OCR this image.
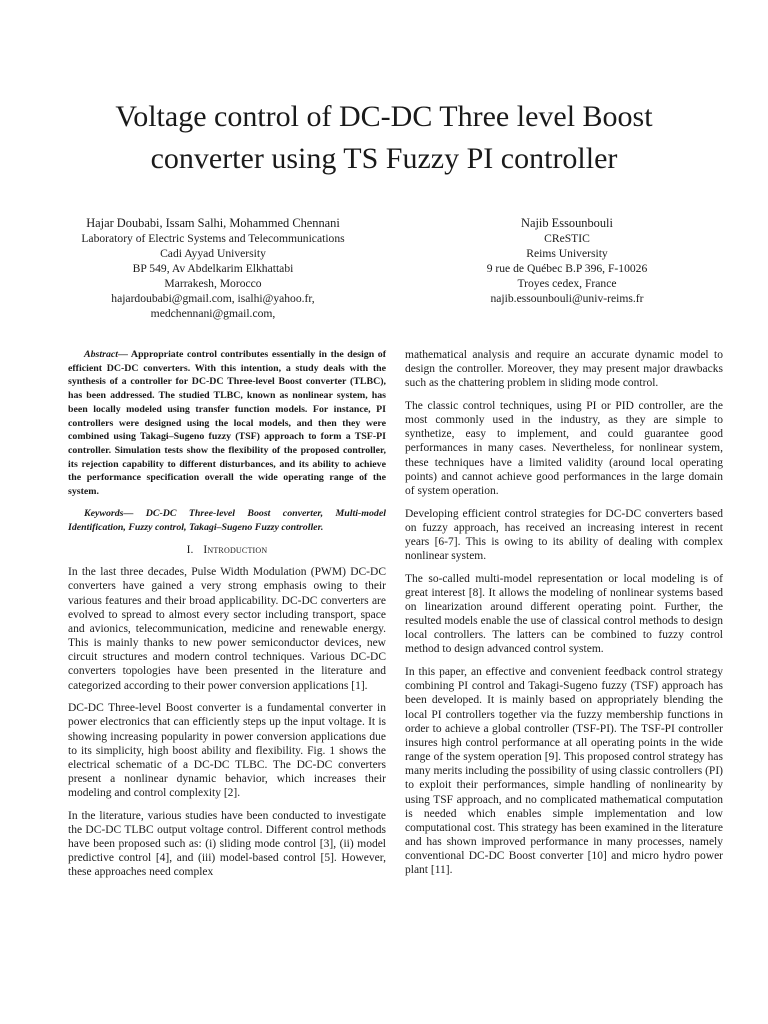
Voltage control of DC-DC Three level Boost
converter using TS Fuzzy PI controller
Hajar Doubabi, Issam Salhi, Mohammed Chennani
Laboratory of Electric Systems and Telecommunications
Cadi Ayyad University
BP 549, Av Abdelkarim Elkhattabi
Marrakesh, Morocco
hajardoubabi@gmail.com, isalhi@yahoo.fr,
medchennani@gmail.com,
Najib Essounbouli
CReSTIC
Reims University
9 rue de Québec B.P 396, F-10026
Troyes cedex, France
najib.essounbouli@univ-reims.fr

Abstract— Appropriate control contributes essentially in the design of efficient DC-DC converters. With this intention, a study deals with the synthesis of a controller for DC-DC Three-level Boost converter (TLBC), has been addressed. The studied TLBC, known as nonlinear system, has been locally modeled using transfer function models. For instance, PI controllers were designed using the local models, and then they were combined using Takagi–Sugeno fuzzy (TSF) approach to form a TSF-PI controller. Simulation tests show the flexibility of the proposed controller, its rejection capability to different disturbances, and its ability to achieve the performance specification overall the wide operating range of the system.

Keywords— DC-DC Three-level Boost converter, Multi-model Identification, Fuzzy control, Takagi–Sugeno Fuzzy controller.

I. Introduction

In the last three decades, Pulse Width Modulation (PWM) DC-DC converters have gained a very strong emphasis owing to their various features and their broad applicability. DC-DC converters are evolved to spread to almost every sector including transport, space and avionics, telecommunication, medicine and renewable energy. This is mainly thanks to new power semiconductor devices, new circuit structures and modern control techniques. Various DC-DC converters topologies have been presented in the literature and categorized according to their power conversion applications [1].

DC-DC Three-level Boost converter is a fundamental converter in power electronics that can efficiently steps up the input voltage. It is showing increasing popularity in power conversion applications due to its simplicity, high boost ability and flexibility. Fig. 1 shows the electrical schematic of a DC-DC TLBC. The DC-DC converters present a nonlinear dynamic behavior, which increases their modeling and control complexity [2].

In the literature, various studies have been conducted to investigate the DC-DC TLBC output voltage control. Different control methods have been proposed such as: (i) sliding mode control [3], (ii) model predictive control [4], and (iii) model-based control [5]. However, these approaches need complex

mathematical analysis and require an accurate dynamic model to design the controller. Moreover, they may present major drawbacks such as the chattering problem in sliding mode control.

The classic control techniques, using PI or PID controller, are the most commonly used in the industry, as they are simple to synthetize, easy to implement, and could guarantee good performances in many cases. Nevertheless, for nonlinear system, these techniques have a limited validity (around local operating points) and cannot achieve good performances in the large domain of system operation.

Developing efficient control strategies for DC-DC converters based on fuzzy approach, has received an increasing interest in recent years [6-7]. This is owing to its ability of dealing with complex nonlinear system.

The so-called multi-model representation or local modeling is of great interest [8]. It allows the modeling of nonlinear systems based on linearization around different operating point. Further, the resulted models enable the use of classical control methods to design local controllers. The latters can be combined to fuzzy control method to design advanced control system.

In this paper, an effective and convenient feedback control strategy combining PI control and Takagi-Sugeno fuzzy (TSF) approach has been developed. It is mainly based on appropriately blending the local PI controllers together via the fuzzy membership functions in order to achieve a global controller (TSF-PI). The TSF-PI controller insures high control performance at all operating points in the wide range of the system operation [9]. This proposed control strategy has many merits including the possibility of using classic controllers (PI) to exploit their performances, simple handling of nonlinearity by using TSF approach, and no complicated mathematical computation is needed which enables simple implementation and low computational cost. This strategy has been examined in the literature and has shown improved performance in many processes, namely conventional DC-DC Boost converter [10] and micro hydro power plant [11].
